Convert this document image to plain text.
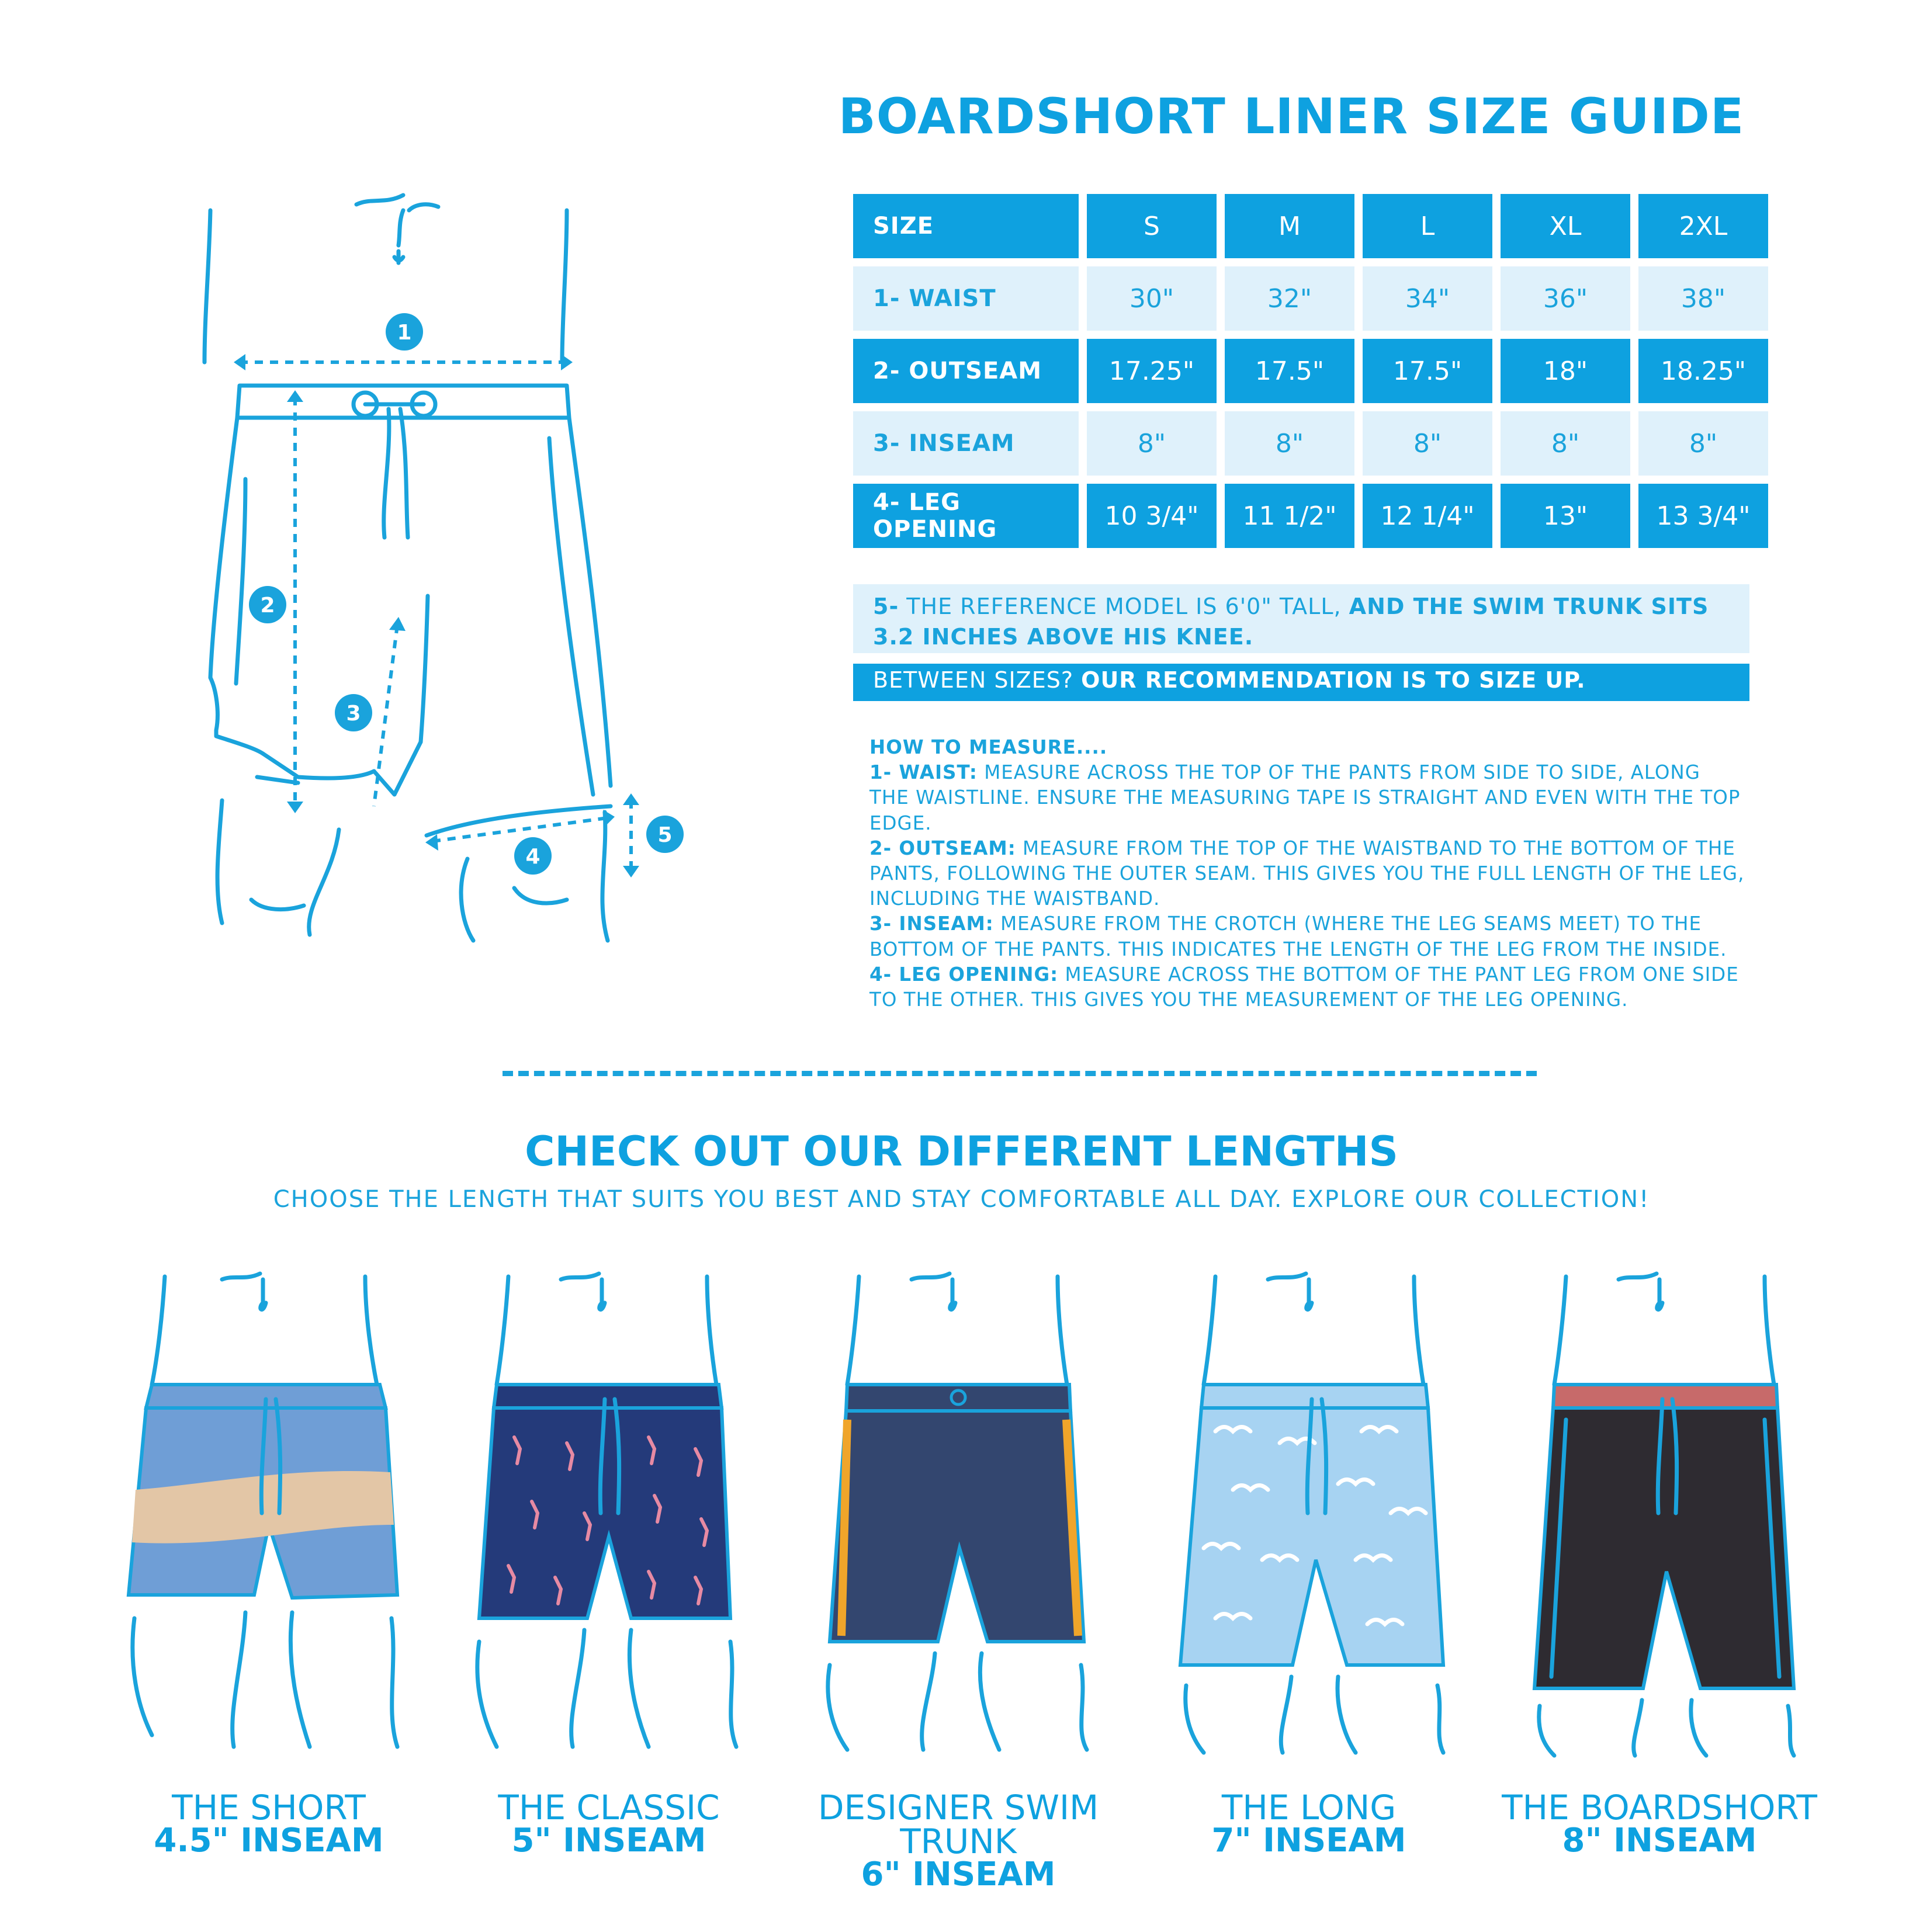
BOARDSHORT LINER SIZE GUIDE
SIZE	S	M	L	XL	2XL
1- WAIST	30"	32"	34"	36"	38"
2- OUTSEAM	17.25"	17.5"	17.5"	18"	18.25"
3- INSEAM	8"	8"	8"	8"	8"
4- LEG OPENING	10 3/4"	11 1/2"	12 1/4"	13"	13 3/4"
5- THE REFERENCE MODEL IS 6'0" TALL, AND THE SWIM TRUNK SITS 3.2 INCHES ABOVE HIS KNEE.
BETWEEN SIZES? OUR RECOMMENDATION IS TO SIZE UP.
HOW TO MEASURE....
1- WAIST: MEASURE ACROSS THE TOP OF THE PANTS FROM SIDE TO SIDE, ALONG THE WAISTLINE. ENSURE THE MEASURING TAPE IS STRAIGHT AND EVEN WITH THE TOP EDGE.
2- OUTSEAM: MEASURE FROM THE TOP OF THE WAISTBAND TO THE BOTTOM OF THE PANTS, FOLLOWING THE OUTER SEAM. THIS GIVES YOU THE FULL LENGTH OF THE LEG, INCLUDING THE WAISTBAND.
3- INSEAM: MEASURE FROM THE CROTCH (WHERE THE LEG SEAMS MEET) TO THE BOTTOM OF THE PANTS. THIS INDICATES THE LENGTH OF THE LEG FROM THE INSIDE.
4- LEG OPENING: MEASURE ACROSS THE BOTTOM OF THE PANT LEG FROM ONE SIDE TO THE OTHER. THIS GIVES YOU THE MEASUREMENT OF THE LEG OPENING.
1
2
3
4
5
CHECK OUT OUR DIFFERENT LENGTHS
CHOOSE THE LENGTH THAT SUITS YOU BEST AND STAY COMFORTABLE ALL DAY. EXPLORE OUR COLLECTION!
THE SHORT
4.5" INSEAM
THE CLASSIC
5" INSEAM
DESIGNER SWIM TRUNK
6" INSEAM
THE LONG
7" INSEAM
THE BOARDSHORT
8" INSEAM
